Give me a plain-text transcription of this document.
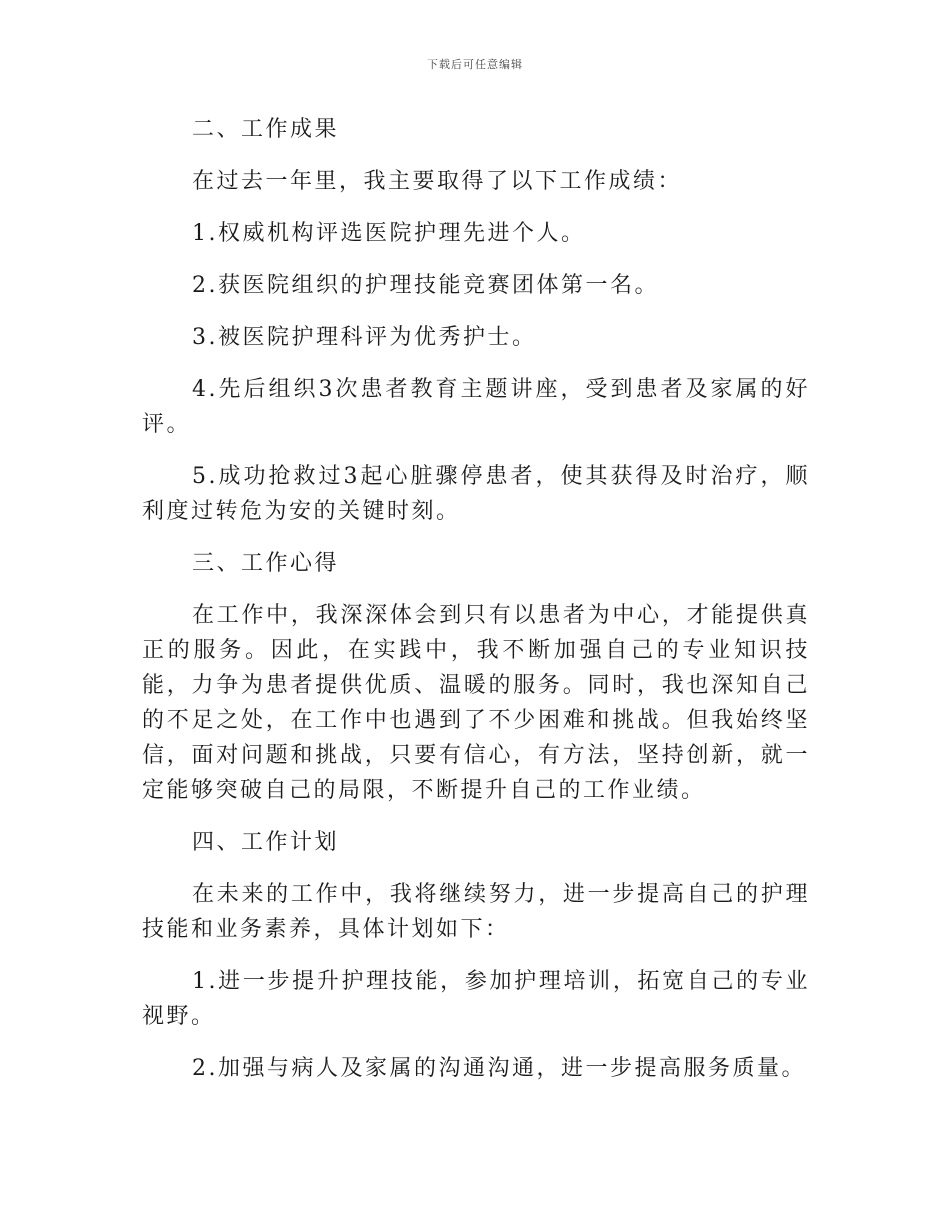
下载后可任意编辑

二、工作成果

在过去一年里，我主要取得了以下工作成绩：

1.权威机构评选医院护理先进个人。

2.获医院组织的护理技能竞赛团体第一名。

3.被医院护理科评为优秀护士。

4.先后组织3次患者教育主题讲座，受到患者及家属的好评。

5.成功抢救过3起心脏骤停患者，使其获得及时治疗，顺利度过转危为安的关键时刻。

三、工作心得

在工作中，我深深体会到只有以患者为中心，才能提供真正的服务。因此，在实践中，我不断加强自己的专业知识技能，力争为患者提供优质、温暖的服务。同时，我也深知自己的不足之处，在工作中也遇到了不少困难和挑战。但我始终坚信，面对问题和挑战，只要有信心，有方法，坚持创新，就一定能够突破自己的局限，不断提升自己的工作业绩。

四、工作计划

在未来的工作中，我将继续努力，进一步提高自己的护理技能和业务素养，具体计划如下：

1.进一步提升护理技能，参加护理培训，拓宽自己的专业视野。

2.加强与病人及家属的沟通沟通，进一步提高服务质量。
